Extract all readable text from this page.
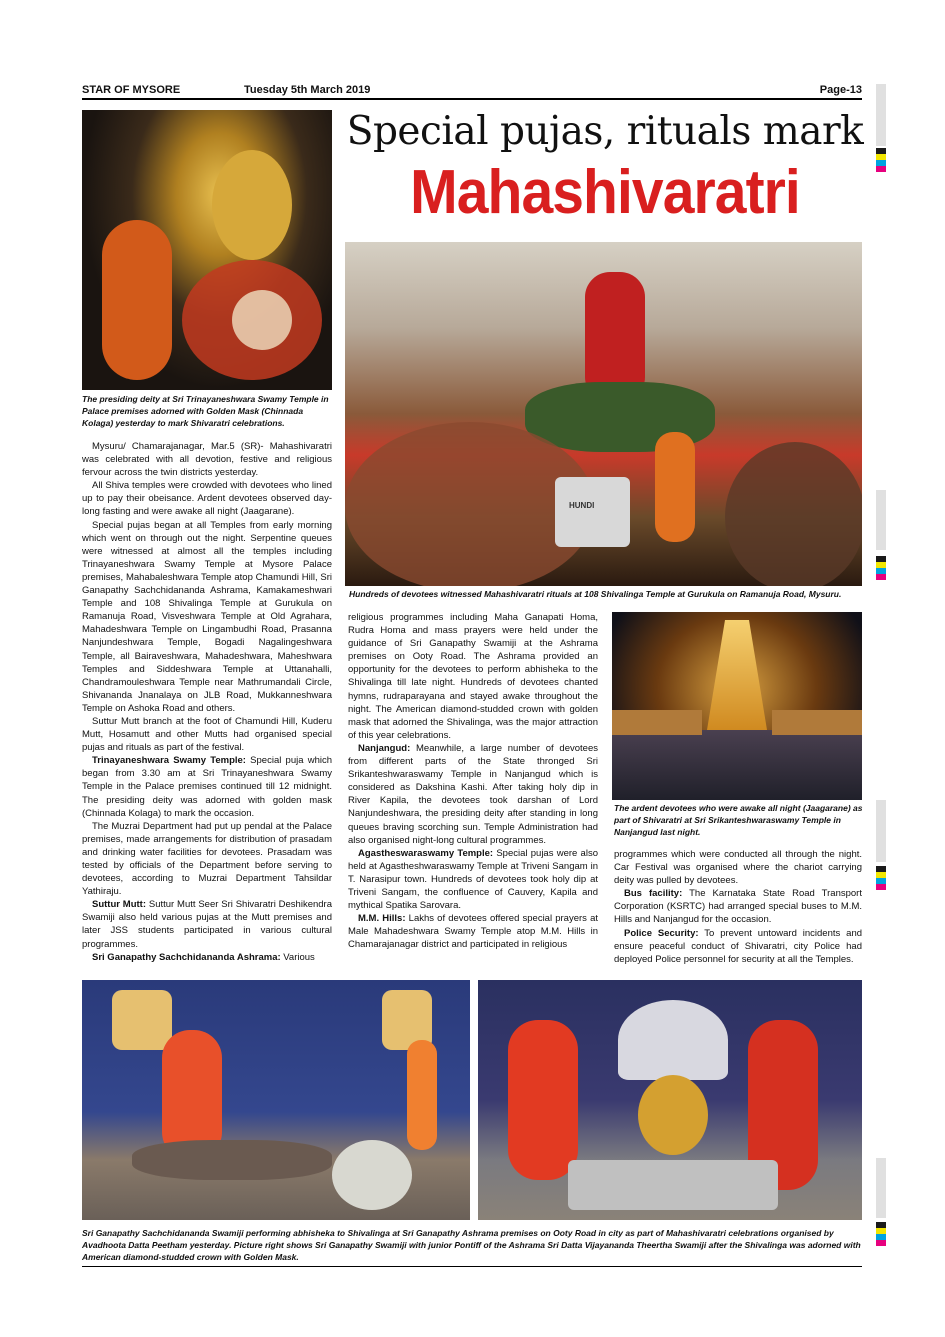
STAR OF MYSORE	Tuesday 5th March 2019	Page-13
The presiding deity at Sri Trinayaneshwara Swamy Temple in Palace premises adorned with Golden Mask (Chinnada Kolaga) yesterday to mark Shivaratri celebrations.
Special pujas, rituals mark
Mahashivaratri
HUNDI
Hundreds of devotees witnessed Mahashivaratri rituals at 108 Shivalinga Temple at Gurukula on Ramanuja Road, Mysuru.
The ardent devotees who were awake all night (Jaagarane) as part of Shivaratri at Sri Srikanteshwaraswamy Temple in Nanjangud last night.

Mysuru/ Chamarajanagar, Mar.5 (SR)- Mahashivaratri was celebrated with all devotion, festive and religious fervour across the twin districts yesterday.

All Shiva temples were crowded with devotees who lined up to pay their obeisance. Ardent devotees observed day-long fasting and were awake all night (Jaagarane).

Special pujas began at all Temples from early morning which went on through out the night. Serpentine queues were witnessed at almost all the temples including Trinayaneshwara Swamy Temple at Mysore Palace premises, Mahabaleshwara Temple atop Chamundi Hill, Sri Ganapathy Sachchidananda Ashrama, Kamakameshwari Temple and 108 Shivalinga Temple at Gurukula on Ramanuja Road, Visveshwara Temple at Old Agrahara, Mahadeshwara Temple on Lingambudhi Road, Prasanna Nanjundeshwara Temple, Bogadi Nagalingeshwara Temple, all Bairaveshwara, Mahadeshwara, Maheshwara Temples and Siddeshwara Temple at Uttanahalli, Chandramouleshwara Temple near Mathrumandali Circle, Shivananda Jnanalaya on JLB Road, Mukkanneshwara Temple on Ashoka Road and others.

Suttur Mutt branch at the foot of Chamundi Hill, Kuderu Mutt, Hosamutt and other Mutts had organised special pujas and rituals as part of the festival.

Trinayaneshwara Swamy Temple: Special puja which began from 3.30 am at Sri Trinayaneshwara Swamy Temple in the Palace premises continued till 12 midnight. The presiding deity was adorned with golden mask (Chinnada Kolaga) to mark the occasion.

The Muzrai Department had put up pendal at the Palace premises, made arrangements for distribution of prasadam and drinking water facilities for devotees. Prasadam was tested by officials of the Department before serving to devotees, according to Muzrai Department Tahsildar Yathiraju.

Suttur Mutt: Suttur Mutt Seer Sri Shivaratri Deshikendra Swamiji also held various pujas at the Mutt premises and later JSS students participated in various cultural programmes.

Sri Ganapathy Sachchidananda Ashrama: Various

religious programmes including Maha Ganapati Homa, Rudra Homa and mass prayers were held under the guidance of Sri Ganapathy Swamiji at the Ashrama premises on Ooty Road. The Ashrama provided an opportunity for the devotees to perform abhisheka to the Shivalinga till late night. Hundreds of devotees chanted hymns, rudraparayana and stayed awake throughout the night. The American diamond-studded crown with golden mask that adorned the Shivalinga, was the major attraction of this year celebrations.

Nanjangud: Meanwhile, a large number of devotees from different parts of the State thronged Sri Srikanteshwaraswamy Temple in Nanjangud which is considered as Dakshina Kashi. After taking holy dip in River Kapila, the devotees took darshan of Lord Nanjundeshwara, the presiding deity after standing in long queues braving scorching sun. Temple Administration had also organised night-long cultural programmes.

Agastheswaraswamy Temple: Special pujas were also held at Agastheshwaraswamy Temple at Triveni Sangam in T. Narasipur town. Hundreds of devotees took holy dip at Triveni Sangam, the confluence of Cauvery, Kapila and mythical Spatika Sarovara.

M.M. Hills: Lakhs of devotees offered special prayers at Male Mahadeshwara Swamy Temple atop M.M. Hills in Chamarajanagar district and participated in religious

programmes which were conducted all through the night. Car Festival was organised where the chariot carrying deity was pulled by devotees.

Bus facility: The Karnataka State Road Transport Corporation (KSRTC) had arranged special buses to M.M. Hills and Nanjangud for the occasion.

Police Security: To prevent untoward incidents and ensure peaceful conduct of Shivaratri, city Police had deployed Police personnel for security at all the Temples.

Sri Ganapathy Sachchidananda Swamiji performing abhisheka to Shivalinga at Sri Ganapathy Ashrama premises on Ooty Road in city as part of Mahashivaratri celebrations organised by Avadhoota Datta Peetham yesterday. Picture right shows Sri Ganapathy Swamiji with junior Pontiff of the Ashrama Sri Datta Vijayananda Theertha Swamiji after the Shivalinga was adorned with American diamond-studded crown with Golden Mask.
